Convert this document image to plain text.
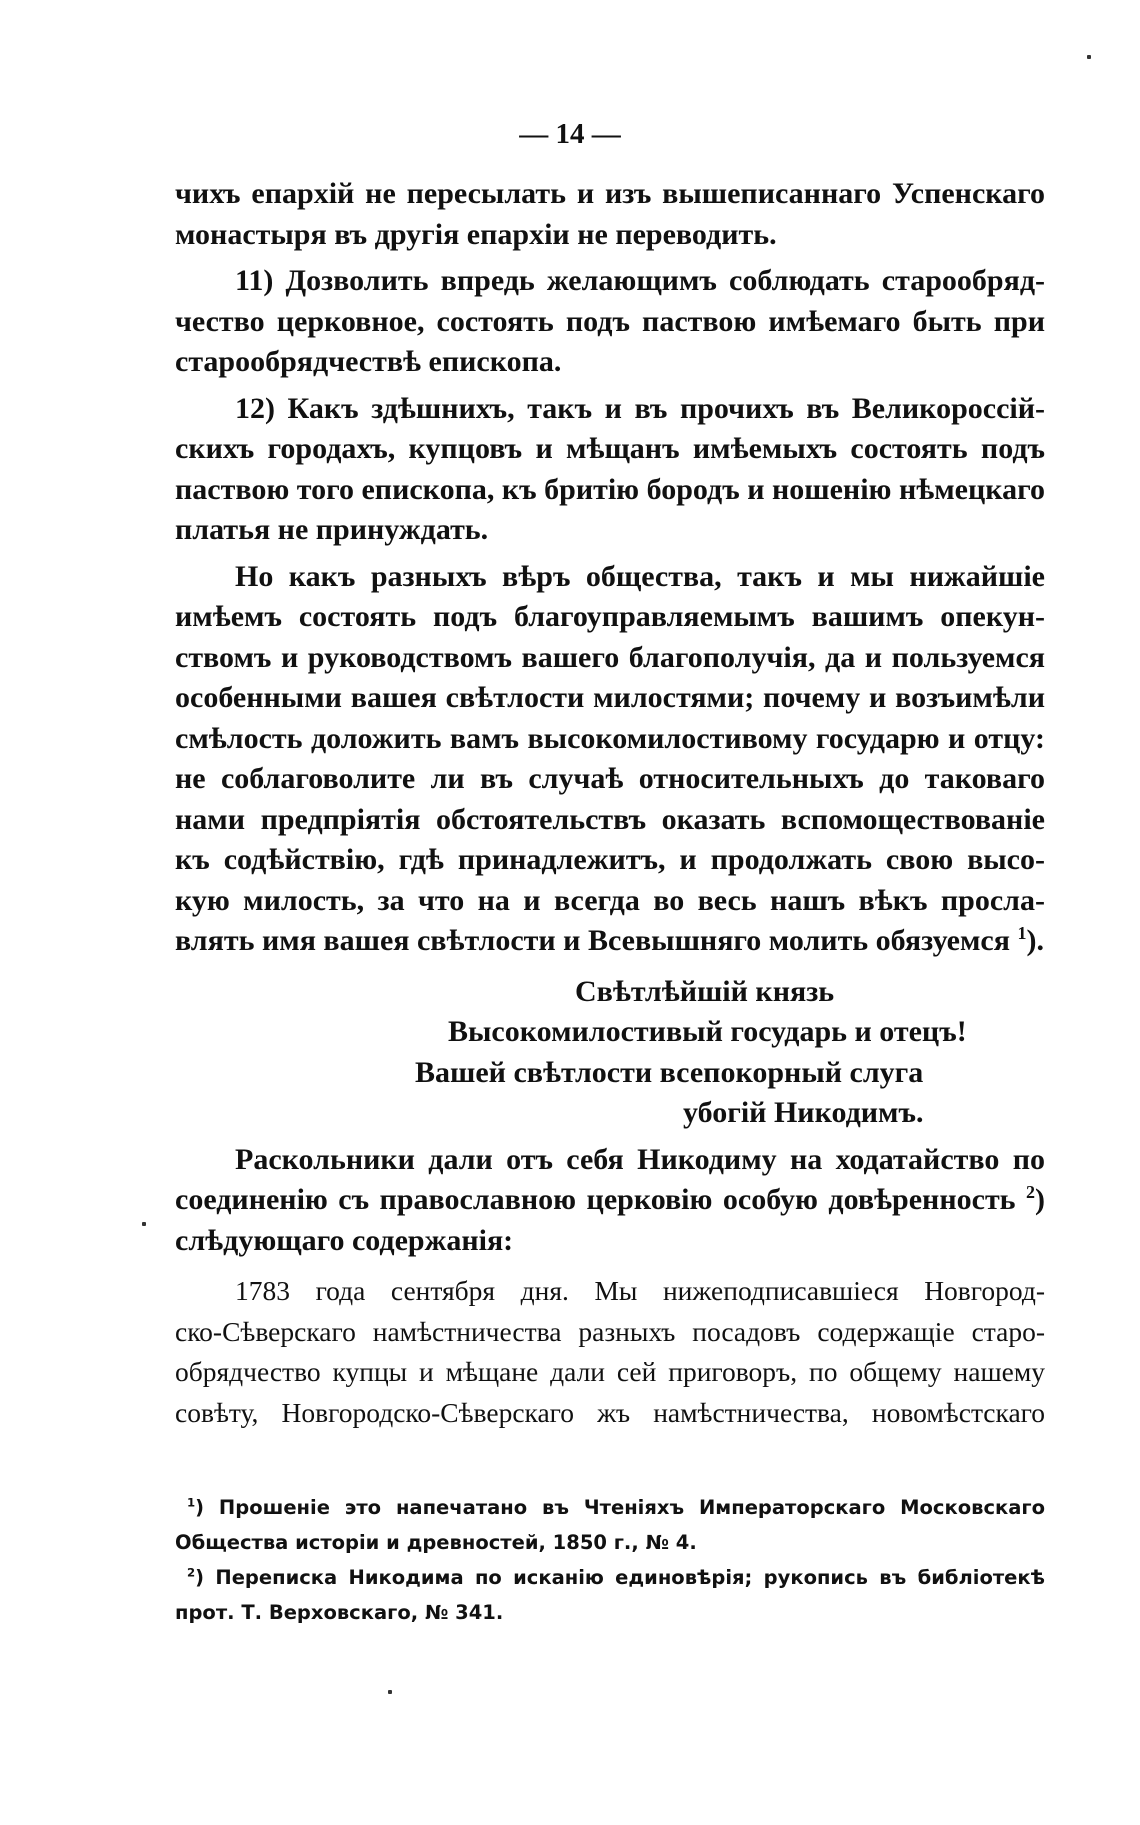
— 14 —
чихъ епархій не пересылать и изъ вышеписаннаго Успенскаго
монастыря въ другія епархіи не переводить.
11) Дозволить впредь желающимъ соблюдать старообряд-
чество церковное, состоять подъ паствою имѣемаго быть при
старообрядчествѣ епископа.
12) Какъ здѣшнихъ, такъ и въ прочихъ въ Великороссій-
скихъ городахъ, купцовъ и мѣщанъ имѣемыхъ состоять подъ
паствою того епископа, къ бритію бородъ и ношенію нѣмецкаго
платья не принуждать.
Но какъ разныхъ вѣръ общества, такъ и мы нижайшіе
имѣемъ состоять подъ благоуправляемымъ вашимъ опекун-
ствомъ и руководствомъ вашего благополучія, да и пользуемся
особенными вашея свѣтлости милостями; почему и возъимѣли
смѣлость доложить вамъ высокомилостивому государю и отцу:
не соблаговолите ли въ случаѣ относительныхъ до таковаго
нами предпріятія обстоятельствъ оказать вспомоществованіе
къ содѣйствію, гдѣ принадлежитъ, и продолжать свою высо-
кую милость, за что на и всегда во весь нашъ вѣкъ просла-
влять имя вашея свѣтлости и Всевышняго молить обязуемся $^1$).
Свѣтлѣйшій князь
Высокомилостивый государь и отецъ!
Вашей свѣтлости всепокорный слуга
убогій Никодимъ.
Раскольники дали отъ себя Никодиму на ходатайство по
соединенію съ православною церковію особую довѣренность $^2$)
слѣдующаго содержанія:
1783 года сентября дня. Мы нижеподписавшіеся Новгород-
ско-Сѣверскаго намѣстничества разныхъ посадовъ содержащіе старо-
обрядчество купцы и мѣщане дали сей приговоръ, по общему нашему
совѣту, Новгородско-Сѣверскаго жъ намѣстничества, новомѣстскаго
$^1$) Прошеніе это напечатано въ Чтеніяхъ Императорскаго Московскаго
Общества исторіи и древностей, 1850 г., № 4.
$^2$) Переписка Никодима по исканію единовѣрія; рукопись въ библіотекѣ
прот. Т. Верховскаго, № 341.
